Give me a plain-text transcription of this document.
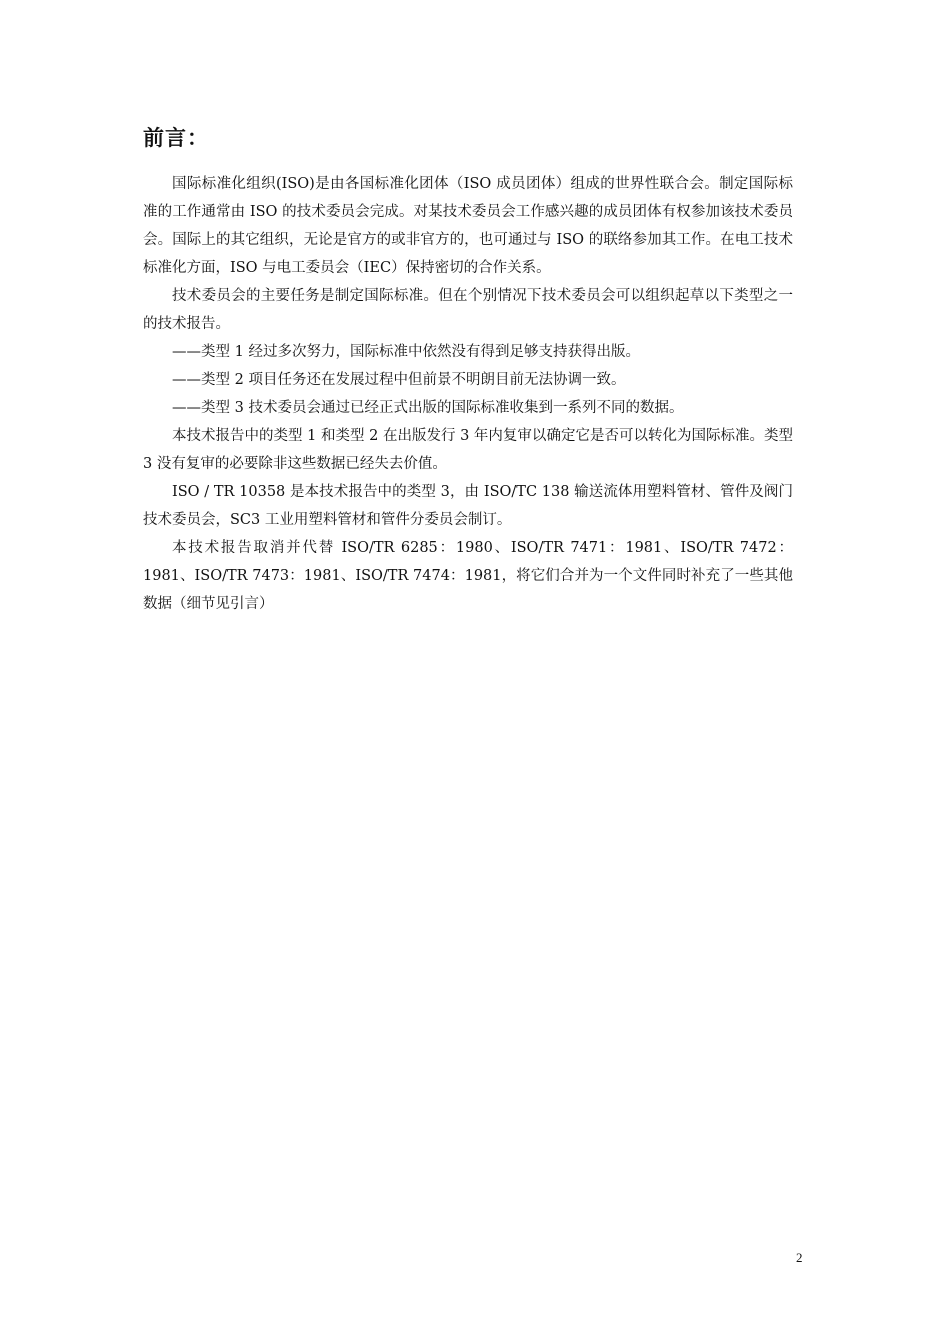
前言：

国际标准化组织(ISO)是由各国标准化团体（ISO 成员团体）组成的世界性联合会。制定国际标准的工作通常由 ISO 的技术委员会完成。对某技术委员会工作感兴趣的成员团体有权参加该技术委员会。国际上的其它组织，无论是官方的或非官方的，也可通过与 ISO 的联络参加其工作。在电工技术标准化方面，ISO 与电工委员会（IEC）保持密切的合作关系。

技术委员会的主要任务是制定国际标准。但在个别情况下技术委员会可以组织起草以下类型之一的技术报告。

——类型 1 经过多次努力，国际标准中依然没有得到足够支持获得出版。

——类型 2 项目任务还在发展过程中但前景不明朗目前无法协调一致。

——类型 3 技术委员会通过已经正式出版的国际标准收集到一系列不同的数据。

本技术报告中的类型 1 和类型 2 在出版发行 3 年内复审以确定它是否可以转化为国际标准。类型 3 没有复审的必要除非这些数据已经失去价值。

ISO / TR 10358 是本技术报告中的类型 3，由 ISO/TC 138 输送流体用塑料管材、管件及阀门技术委员会，SC3 工业用塑料管材和管件分委员会制订。

本技术报告取消并代替 ISO/TR 6285：1980、ISO/TR 7471：1981、ISO/TR 7472：1981、ISO/TR 7473：1981、ISO/TR 7474：1981，将它们合并为一个文件同时补充了一些其他数据（细节见引言）

2
